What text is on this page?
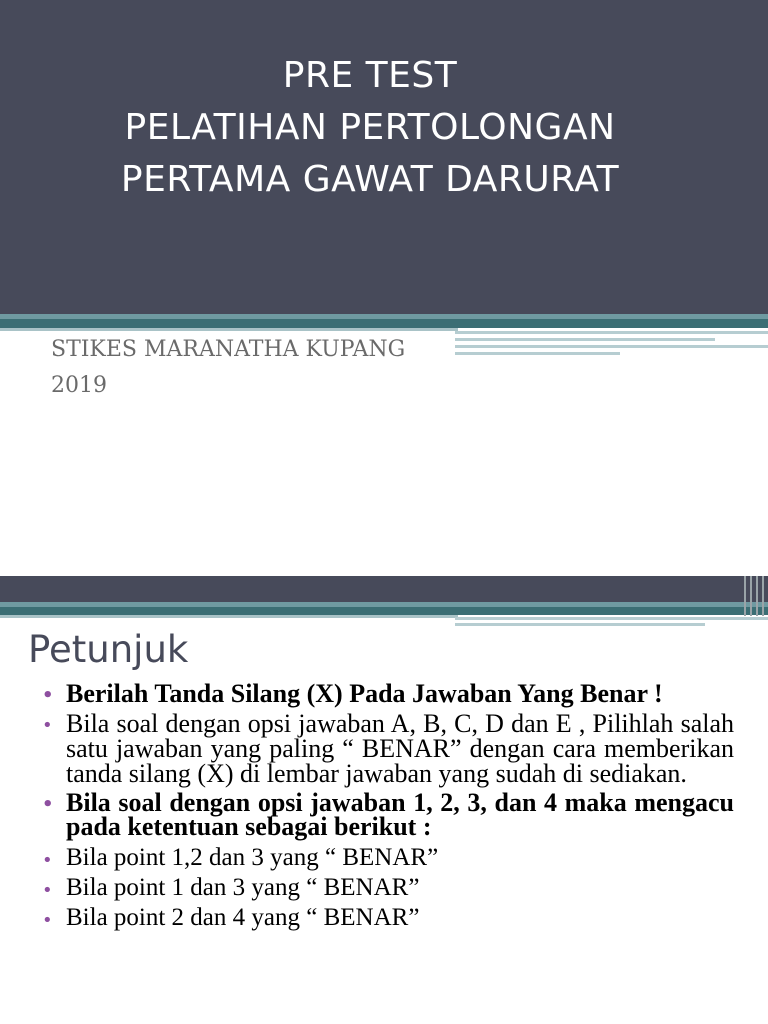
PRE TEST
PELATIHAN PERTOLONGAN
PERTAMA GAWAT DARURAT
STIKES MARANATHA KUPANG
2019
Petunjuk
• Berilah Tanda Silang (X) Pada Jawaban Yang Benar !
• Bila soal dengan opsi jawaban A, B, C, D dan E , Pilihlah salah satu jawaban yang paling “ BENAR” dengan cara memberikan tanda silang (X) di lembar jawaban yang sudah di sediakan.
• Bila soal dengan opsi jawaban 1, 2, 3, dan 4 maka mengacu pada ketentuan sebagai berikut :
• Bila point 1,2 dan 3 yang “ BENAR”
• Bila point 1 dan 3 yang “ BENAR”
• Bila point 2 dan 4 yang “ BENAR”
